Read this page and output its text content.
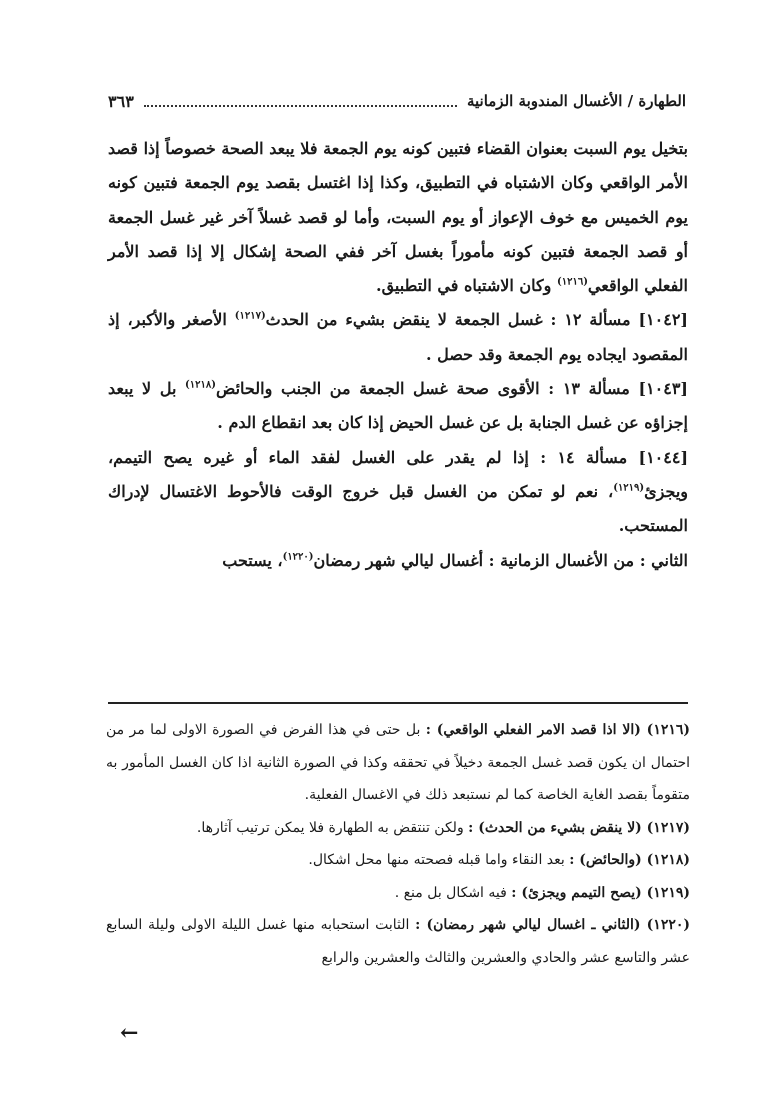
الطهارة / الأغسال المندوبة الزمانية
٣٦٣

بتخيل يوم السبت بعنوان القضاء فتبين كونه يوم الجمعة فلا يبعد الصحة خصوصاً إذا قصد الأمر الواقعي وكان الاشتباه في التطبيق، وكذا إذا اغتسل بقصد يوم الجمعة فتبين كونه يوم الخميس مع خوف الإعواز أو يوم السبت، وأما لو قصد غسلاً آخر غير غسل الجمعة أو قصد الجمعة فتبين كونه مأموراً بغسل آخر ففي الصحة إشكال إلا إذا قصد الأمر الفعلي الواقعي$^{(١٢١٦)}$ وكان الاشتباه في التطبيق.

[١٠٤٢] مسألة ١٢ : غسل الجمعة لا ينقض بشيء من الحدث$^{(١٢١٧)}$ الأصغر والأكبر، إذ المقصود ايجاده يوم الجمعة وقد حصل .

[١٠٤٣] مسألة ١٣ : الأقوى صحة غسل الجمعة من الجنب والحائض$^{(١٢١٨)}$ بل لا يبعد إجزاؤه عن غسل الجنابة بل عن غسل الحيض إذا كان بعد انقطاع الدم .

[١٠٤٤] مسألة ١٤ : إذا لم يقدر على الغسل لفقد الماء أو غيره يصح التيمم، ويجزئ$^{(١٢١٩)}$، نعم لو تمكن من الغسل قبل خروج الوقت فالأحوط الاغتسال لإدراك المستحب.

الثاني : من الأغسال الزمانية : أغسال ليالي شهر رمضان$^{(١٢٢٠)}$، يستحب

(١٢١٦) (الا اذا قصد الامر الفعلي الواقعي) : بل حتى في هذا الفرض في الصورة الاولى لما مر من احتمال ان يكون قصد غسل الجمعة دخيلاً في تحققه وكذا في الصورة الثانية اذا كان الغسل المأمور به متقوماً بقصد الغاية الخاصة كما لم نستبعد ذلك في الاغسال الفعلية.

(١٢١٧) (لا ينقض بشيء من الحدث) : ولكن تنتقض به الطهارة فلا يمكن ترتيب آثارها.

(١٢١٨) (والحائض) : بعد النقاء واما قبله فصحته منها محل اشكال.

(١٢١٩) (يصح التيمم ويجزئ) : فيه اشكال بل منع .

(١٢٢٠) (الثاني ـ اغسال ليالي شهر رمضان) : الثابت استحبابه منها غسل الليلة الاولى وليلة السابع عشر والتاسع عشر والحادي والعشرين والثالث والعشرين والرابع

←
